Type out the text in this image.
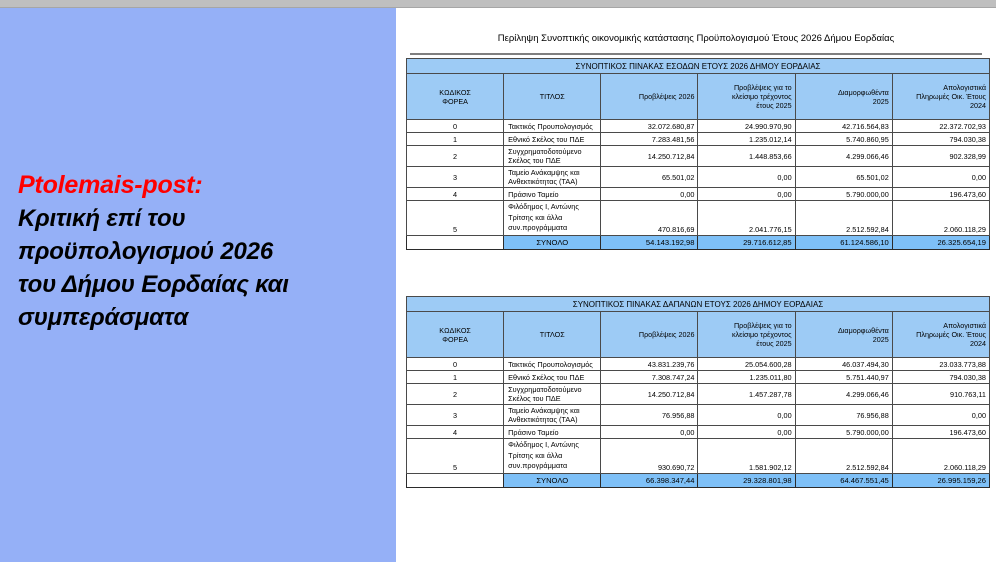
Ptolemais-post:
Κριτική επί του
προϋπολογισμού 2026
του Δήμου Εορδαίας και
συμπεράσματα
Περίληψη Συνοπτικής οικονομικής κατάστασης Προϋπολογισμού Έτους 2026 Δήμου Εορδαίας
ΣΥΝΟΠΤΙΚΟΣ ΠΙΝΑΚΑΣ ΕΣΟΔΩΝ ΕΤΟΥΣ 2026 ΔΗΜΟΥ ΕΟΡΔΑΙΑΣ					
ΚΩΔΙΚΟΣ
ΦΟΡΕΑ	ΤΙΤΛΟΣ	Προβλέψεις 2026	Προβλέψεις για το
κλείσιμο τρέχοντος
έτους 2025	Διαμορφωθέντα
2025	Απολογιστικά
Πληρωμές Οικ. Έτους
2024
0	Τακτικός Προυπολογισμός	32.072.680,87	24.990.970,90	42.716.564,83	22.372.702,93
1	Εθνικό Σκέλος του ΠΔΕ	7.283.481,56	1.235.012,14	5.740.860,95	794.030,38
2	Συγχρηματοδοτούμενο Σκέλος του ΠΔΕ	14.250.712,84	1.448.853,66	4.299.066,46	902.328,99
3	Ταμείο Ανάκαμψης και Ανθεκτικότητας (ΤΑΑ)	65.501,02	0,00	65.501,02	0,00
4	Πράσινο Ταμείο	0,00	0,00	5.790.000,00	196.473,60
5	Φιλόδημος Ι, Αντώνης Τρίτσης και άλλα
συν.προγράμματα	470.816,69	2.041.776,15	2.512.592,84	2.060.118,29
	ΣΥΝΟΛΟ	54.143.192,98	29.716.612,85	61.124.586,10	26.325.654,19
ΣΥΝΟΠΤΙΚΟΣ ΠΙΝΑΚΑΣ ΔΑΠΑΝΩΝ ΕΤΟΥΣ 2026 ΔΗΜΟΥ ΕΟΡΔΑΙΑΣ					
ΚΩΔΙΚΟΣ
ΦΟΡΕΑ	ΤΙΤΛΟΣ	Προβλέψεις 2026	Προβλέψεις για το
κλείσιμο τρέχοντος
έτους 2025	Διαμορφωθέντα
2025	Απολογιστικά
Πληρωμές Οικ. Έτους
2024
0	Τακτικός Προυπολογισμός	43.831.239,76	25.054.600,28	46.037.494,30	23.033.773,88
1	Εθνικό Σκέλος του ΠΔΕ	7.308.747,24	1.235.011,80	5.751.440,97	794.030,38
2	Συγχρηματοδοτούμενο Σκέλος του ΠΔΕ	14.250.712,84	1.457.287,78	4.299.066,46	910.763,11
3	Ταμείο Ανάκαμψης και Ανθεκτικότητας (ΤΑΑ)	76.956,88	0,00	76.956,88	0,00
4	Πράσινο Ταμείο	0,00	0,00	5.790.000,00	196.473,60
5	Φιλόδημος Ι, Αντώνης Τρίτσης και άλλα
συν.προγράμματα	930.690,72	1.581.902,12	2.512.592,84	2.060.118,29
	ΣΥΝΟΛΟ	66.398.347,44	29.328.801,98	64.467.551,45	26.995.159,26
